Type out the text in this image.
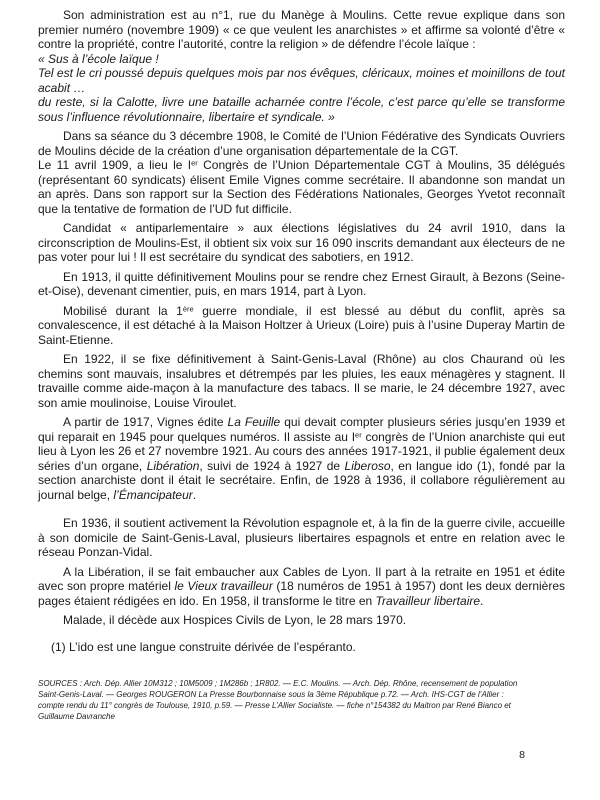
Son administration est au n°1, rue du Manège à Moulins. Cette revue explique dans son premier numéro (novembre 1909) « ce que veulent les anarchistes » et affirme sa volonté d’être « contre la propriété, contre l’autorité, contre la religion » de défendre l’école laïque :

« Sus à l’école laïque !

Tel est le cri poussé depuis quelques mois par nos évêques, cléricaux, moines et moinillons de tout acabit …

du reste, si la Calotte, livre une bataille acharnée contre l’école, c’est parce qu’elle se transforme sous l’influence révolutionnaire, libertaire et syndicale. »

Dans sa séance du 3 décembre 1908, le Comité de l’Union Fédérative des Syndicats Ouvriers de Moulins décide de la création d’une organisation départementale de la CGT.

Le 11 avril 1909, a lieu le Ier Congrès de l’Union Départementale CGT à Moulins, 35 délégués (représentant 60 syndicats) élisent Emile Vignes comme secrétaire. Il abandonne son mandat un an après. Dans son rapport sur la Section des Fédérations Nationales, Georges Yvetot reconnaît que la tentative de formation de l’UD fut difficile.

Candidat « antiparlementaire » aux élections législatives du 24 avril 1910, dans la circonscription de Moulins-Est, il obtient six voix sur 16 090 inscrits demandant aux électeurs de ne pas voter pour lui ! Il est secrétaire du syndicat des sabotiers, en 1912.

En 1913, il quitte définitivement Moulins pour se rendre chez Ernest Girault, à Bezons (Seine-et-Oise), devenant cimentier, puis, en mars 1914, part à Lyon.

Mobilisé durant la 1ère guerre mondiale, il est blessé au début du conflit, après sa convalescence, il est détaché à la Maison Holtzer à Urieux (Loire) puis à l’usine Duperay Martin de Saint-Etienne.

En 1922, il se fixe définitivement à Saint-Genis-Laval (Rhône) au clos Chaurand où les chemins sont mauvais, insalubres et détrempés par les pluies, les eaux ménagères y stagnent. Il travaille comme aide-maçon à la manufacture des tabacs. Il se marie, le 24 décembre 1927, avec son amie moulinoise, Louise Viroulet.

A partir de 1917, Vignes édite La Feuille qui devait compter plusieurs séries jusqu’en 1939 et qui reparait en 1945 pour quelques numéros. Il assiste au Ier congrès de l’Union anarchiste qui eut lieu à Lyon les 26 et 27 novembre 1921. Au cours des années 1917-1921, il publie également deux séries d’un organe, Libération, suivi de 1924 à 1927 de Liberoso, en langue ido (1), fondé par la section anarchiste dont il était le secrétaire. Enfin, de 1928 à 1936, il collabore régulièrement au journal belge, l’Émancipateur.

En 1936, il soutient activement la Révolution espagnole et, à la fin de la guerre civile, accueille à son domicile de Saint-Genis-Laval, plusieurs libertaires espagnols et entre en relation avec le réseau Ponzan-Vidal.

A la Libération, il se fait embaucher aux Cables de Lyon. Il part à la retraite en 1951 et édite avec son propre matériel le Vieux travailleur (18 numéros de 1951 à 1957) dont les deux dernières pages étaient rédigées en ido. En 1958, il transforme le titre en Travailleur libertaire.

Malade, il décède aux Hospices Civils de Lyon, le 28 mars 1970.

(1) L’ido est une langue construite dérivée de l’espéranto.

SOURCES : Arch. Dép. Allier 10M312 ; 10M5009 ; 1M286b ; 1R802. — E.C. Moulins. — Arch. Dép. Rhône, recensement de population Saint-Genis-Laval. — Georges ROUGERON La Presse Bourbonnaise sous la 3ème République p.72. — Arch. IHS-CGT de l’Allier : compte rendu du 11° congrès de Toulouse, 1910, p.59. — Presse L’Allier Socialiste. — fiche n°154382 du Maitron par René Bianco et Guillaume Davranche
8
